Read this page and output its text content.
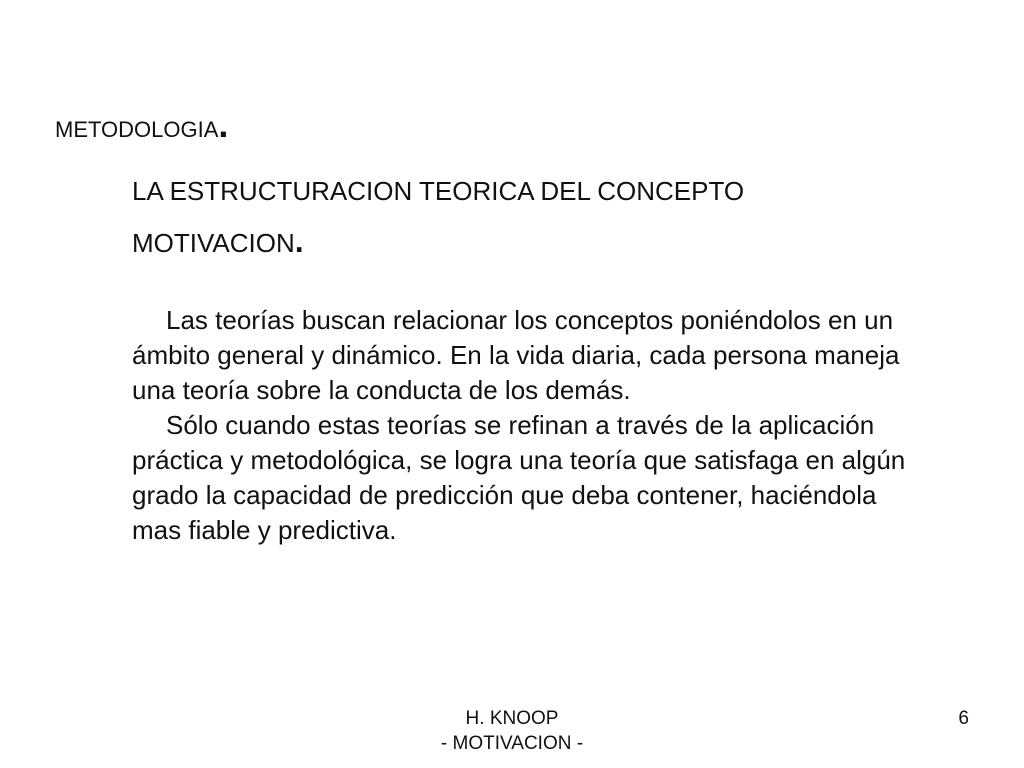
METODOLOGIA.
LA ESTRUCTURACION TEORICA DEL CONCEPTO MOTIVACION.

Las teorías buscan relacionar los conceptos poniéndolos en un ámbito general y dinámico. En la vida diaria, cada persona maneja una teoría sobre la conducta de los demás.

Sólo cuando estas teorías se refinan a través de la aplicación práctica y metodológica, se logra una teoría que satisfaga en algún grado la capacidad de predicción que deba contener, haciéndola mas fiable y predictiva.

H. KNOOP
- MOTIVACION -
6
